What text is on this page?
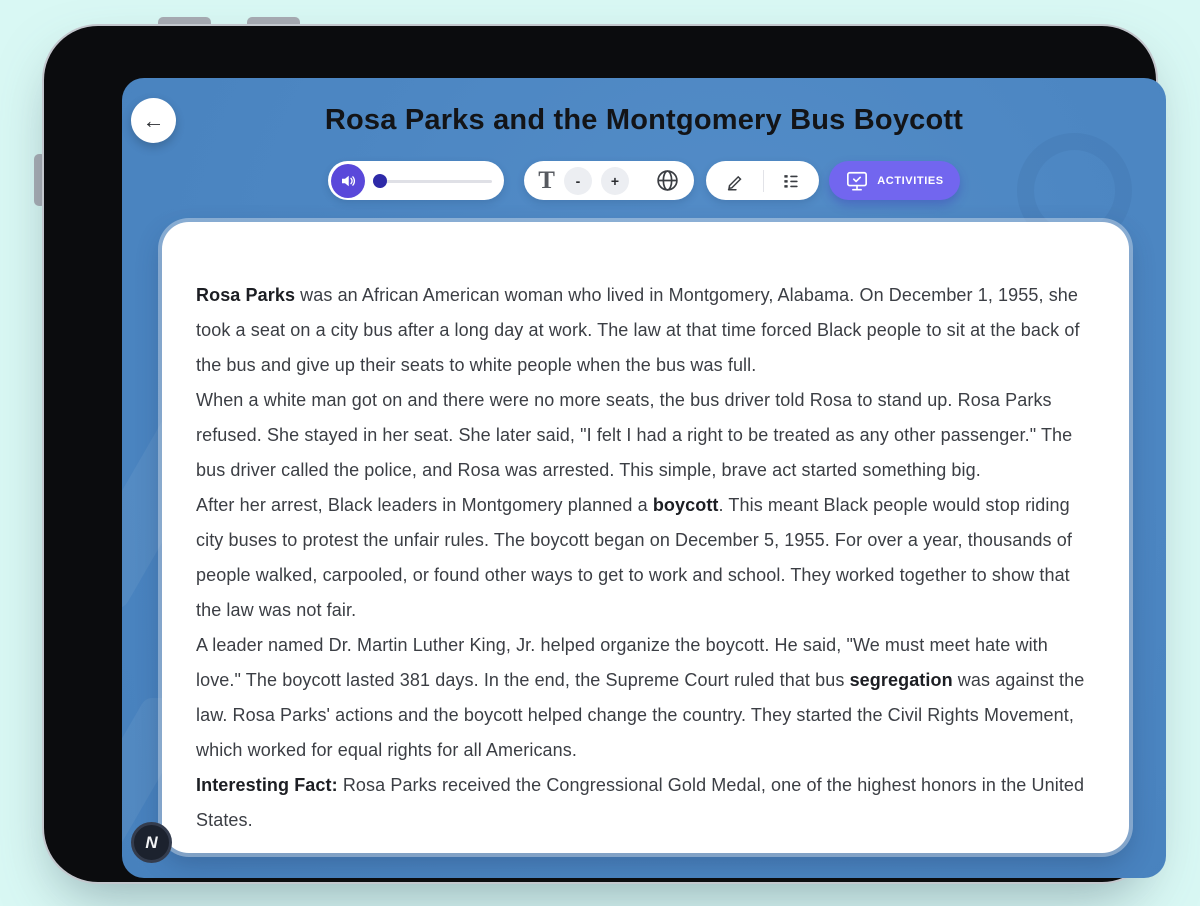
←	Rosa Parks and the Montgomery Bus Boycott
T	-	+	ACTIVITIES

Rosa Parks was an African American woman who lived in Montgomery, Alabama. On December 1, 1955, she took a seat on a city bus after a long day at work. The law at that time forced Black people to sit at the back of the bus and give up their seats to white people when the bus was full.

When a white man got on and there were no more seats, the bus driver told Rosa to stand up. Rosa Parks refused. She stayed in her seat. She later said, "I felt I had a right to be treated as any other passenger." The bus driver called the police, and Rosa was arrested. This simple, brave act started something big.

After her arrest, Black leaders in Montgomery planned a boycott. This meant Black people would stop riding city buses to protest the unfair rules. The boycott began on December 5, 1955. For over a year, thousands of people walked, carpooled, or found other ways to get to work and school. They worked together to show that the law was not fair.

A leader named Dr. Martin Luther King, Jr. helped organize the boycott. He said, "We must meet hate with love." The boycott lasted 381 days. In the end, the Supreme Court ruled that bus segregation was against the law. Rosa Parks' actions and the boycott helped change the country. They started the Civil Rights Movement, which worked for equal rights for all Americans.

Interesting Fact: Rosa Parks received the Congressional Gold Medal, one of the highest honors in the United States.

N
